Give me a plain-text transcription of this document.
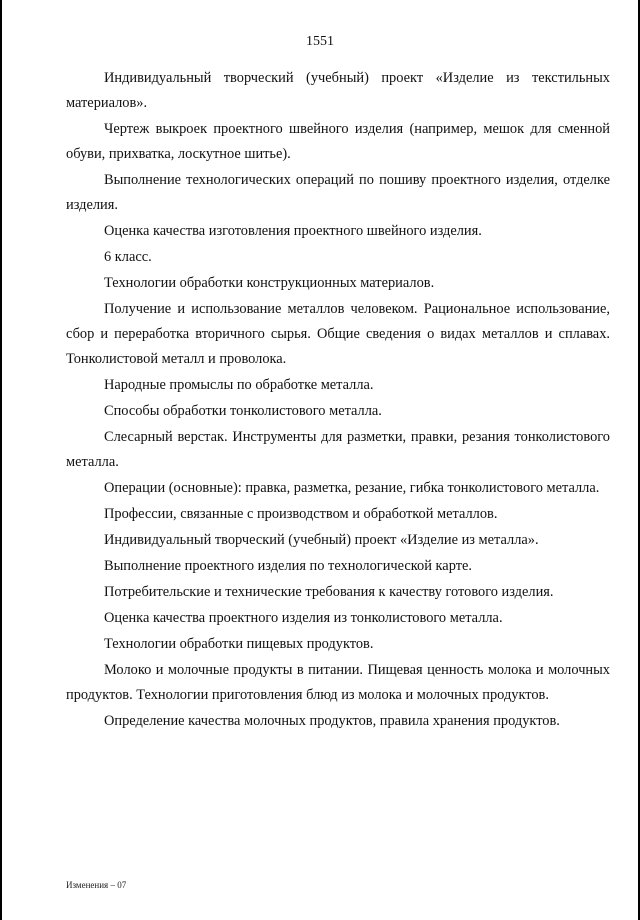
1551

Индивидуальный творческий (учебный) проект «Изделие из текстильных материалов».

Чертеж выкроек проектного швейного изделия (например, мешок для сменной обуви, прихватка, лоскутное шитье).

Выполнение технологических операций по пошиву проектного изделия, отделке изделия.

Оценка качества изготовления проектного швейного изделия.

6 класс.

Технологии обработки конструкционных материалов.

Получение и использование металлов человеком. Рациональное использование, сбор и переработка вторичного сырья. Общие сведения о видах металлов и сплавах. Тонколистовой металл и проволока.

Народные промыслы по обработке металла.

Способы обработки тонколистового металла.

Слесарный верстак. Инструменты для разметки, правки, резания тонколистового металла.

Операции (основные): правка, разметка, резание, гибка тонколистового металла.

Профессии, связанные с производством и обработкой металлов.

Индивидуальный творческий (учебный) проект «Изделие из металла».

Выполнение проектного изделия по технологической карте.

Потребительские и технические требования к качеству готового изделия.

Оценка качества проектного изделия из тонколистового металла.

Технологии обработки пищевых продуктов.

Молоко и молочные продукты в питании. Пищевая ценность молока и молочных продуктов. Технологии приготовления блюд из молока и молочных продуктов.

Определение качества молочных продуктов, правила хранения продуктов.

Изменения – 07
